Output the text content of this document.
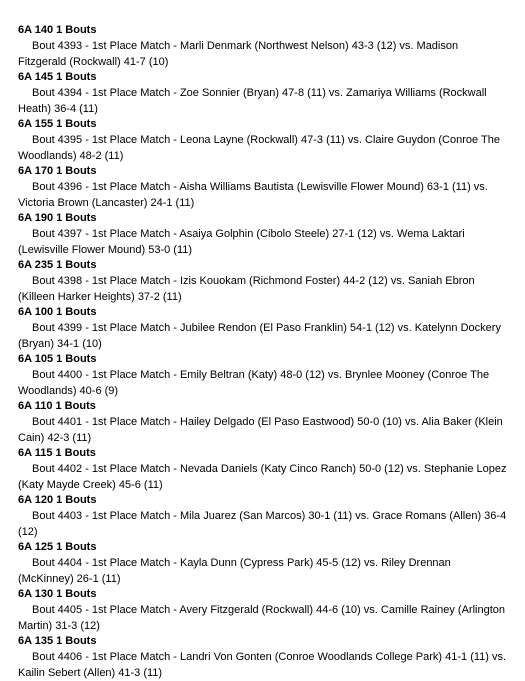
6A 140 1 Bouts
Bout 4393 - 1st Place Match - Marli Denmark (Northwest Nelson) 43-3 (12) vs. Madison Fitzgerald (Rockwall) 41-7 (10)
6A 145 1 Bouts
Bout 4394 - 1st Place Match - Zoe Sonnier (Bryan) 47-8 (11) vs. Zamariya Williams (Rockwall Heath) 36-4 (11)
6A 155 1 Bouts
Bout 4395 - 1st Place Match - Leona Layne (Rockwall) 47-3 (11) vs. Claire Guydon (Conroe The Woodlands) 48-2 (11)
6A 170 1 Bouts
Bout 4396 - 1st Place Match - Aisha Williams Bautista (Lewisville Flower Mound) 63-1 (11) vs. Victoria Brown (Lancaster) 24-1 (11)
6A 190 1 Bouts
Bout 4397 - 1st Place Match - Asaiya Golphin (Cibolo Steele) 27-1 (12) vs. Wema Laktari (Lewisville Flower Mound) 53-0 (11)
6A 235 1 Bouts
Bout 4398 - 1st Place Match - Izis Kouokam (Richmond Foster) 44-2 (12) vs. Saniah Ebron (Killeen Harker Heights) 37-2 (11)
6A 100 1 Bouts
Bout 4399 - 1st Place Match - Jubilee Rendon (El Paso Franklin) 54-1 (12) vs. Katelynn Dockery (Bryan) 34-1 (10)
6A 105 1 Bouts
Bout 4400 - 1st Place Match - Emily Beltran (Katy) 48-0 (12) vs. Brynlee Mooney (Conroe The Woodlands) 40-6 (9)
6A 110 1 Bouts
Bout 4401 - 1st Place Match - Hailey Delgado (El Paso Eastwood) 50-0 (10) vs. Alia Baker (Klein Cain) 42-3 (11)
6A 115 1 Bouts
Bout 4402 - 1st Place Match - Nevada Daniels (Katy Cinco Ranch) 50-0 (12) vs. Stephanie Lopez (Katy Mayde Creek) 45-6 (11)
6A 120 1 Bouts
Bout 4403 - 1st Place Match - Mila Juarez (San Marcos) 30-1 (11) vs. Grace Romans (Allen) 36-4 (12)
6A 125 1 Bouts
Bout 4404 - 1st Place Match - Kayla Dunn (Cypress Park) 45-5 (12) vs. Riley Drennan (McKinney) 26-1 (11)
6A 130 1 Bouts
Bout 4405 - 1st Place Match - Avery Fitzgerald (Rockwall) 44-6 (10) vs. Camille Rainey (Arlington Martin) 31-3 (12)
6A 135 1 Bouts
Bout 4406 - 1st Place Match - Landri Von Gonten (Conroe Woodlands College Park) 41-1 (11) vs. Kailin Sebert (Allen) 41-3 (11)
